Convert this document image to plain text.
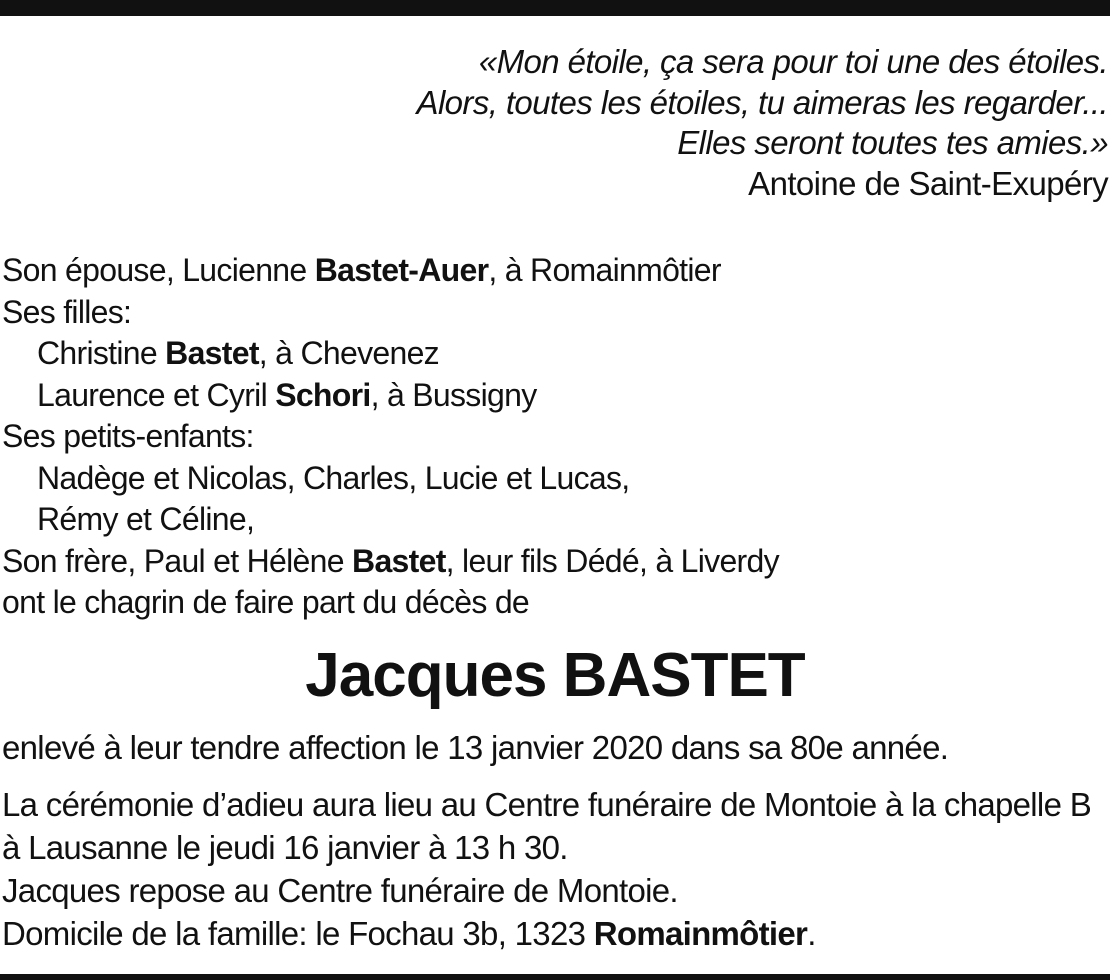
«Mon étoile, ça sera pour toi une des étoiles.
Alors, toutes les étoiles, tu aimeras les regarder...
Elles seront toutes tes amies.»
Antoine de Saint-Exupéry
Son épouse, Lucienne Bastet-Auer, à Romainmôtier
Ses filles:
Christine Bastet, à Chevenez
Laurence et Cyril Schori, à Bussigny
Ses petits-enfants:
Nadège et Nicolas, Charles, Lucie et Lucas,
Rémy et Céline,
Son frère, Paul et Hélène Bastet, leur fils Dédé, à Liverdy
ont le chagrin de faire part du décès de
Jacques BASTET
enlevé à leur tendre affection le 13 janvier 2020 dans sa 80e année.
La cérémonie d’adieu aura lieu au Centre funéraire de Montoie à la chapelle B
à Lausanne le jeudi 16 janvier à 13 h 30.
Jacques repose au Centre funéraire de Montoie.
Domicile de la famille: le Fochau 3b, 1323 Romainmôtier.
